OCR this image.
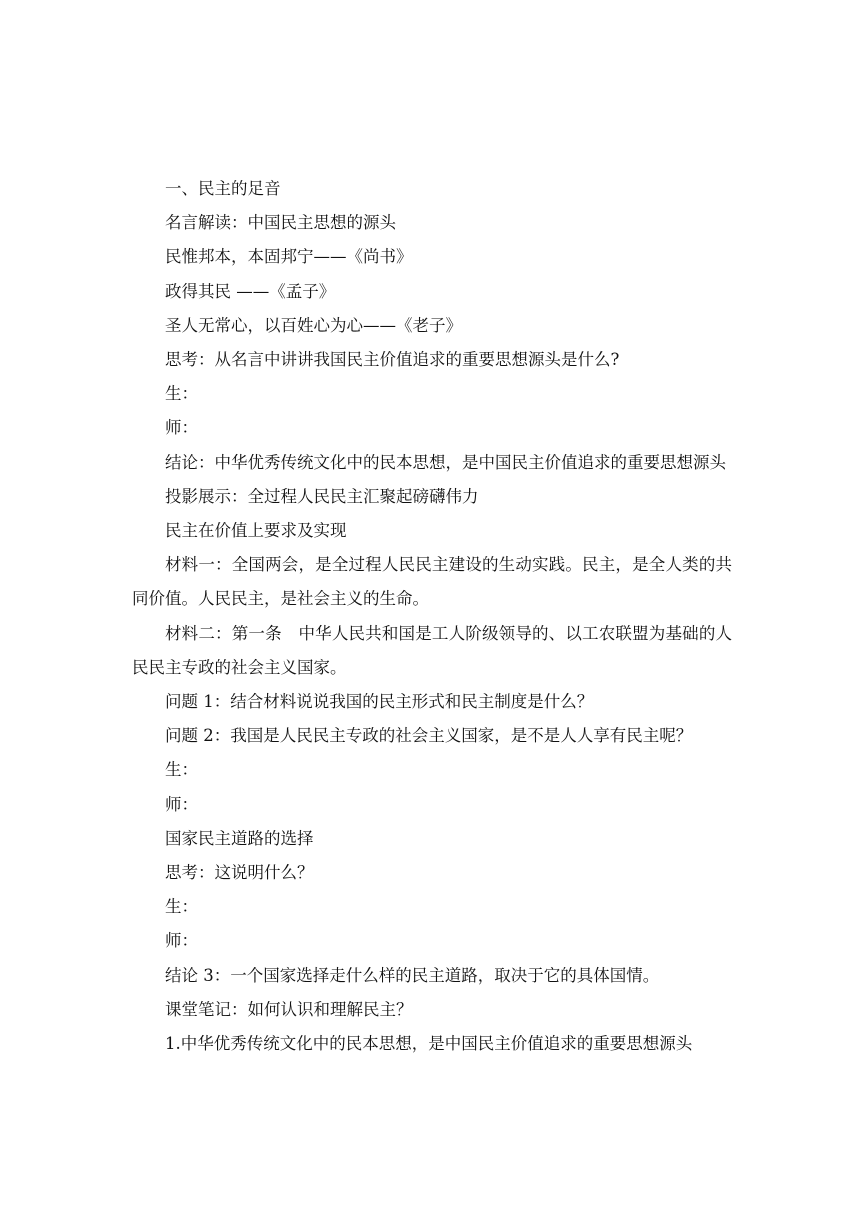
一、民主的足音

名言解读：中国民主思想的源头

民惟邦本，本固邦宁——《尚书》

政得其民 ——《孟子》

圣人无常心，以百姓心为心——《老子》

思考：从名言中讲讲我国民主价值追求的重要思想源头是什么?

生：

师：

结论：中华优秀传统文化中的民本思想，是中国民主价值追求的重要思想源头

投影展示：全过程人民民主汇聚起磅礴伟力

民主在价值上要求及实现

材料一：全国两会，是全过程人民民主建设的生动实践。民主，是全人类的共同价值。人民民主，是社会主义的生命。

材料二：第一条　中华人民共和国是工人阶级领导的、以工农联盟为基础的人民民主专政的社会主义国家。

问题 1：结合材料说说我国的民主形式和民主制度是什么？

问题 2：我国是人民民主专政的社会主义国家，是不是人人享有民主呢？

生：

师：

国家民主道路的选择

思考：这说明什么？

生：

师：

结论 3：一个国家选择走什么样的民主道路，取决于它的具体国情。

课堂笔记：如何认识和理解民主？

1.中华优秀传统文化中的民本思想，是中国民主价值追求的重要思想源头
